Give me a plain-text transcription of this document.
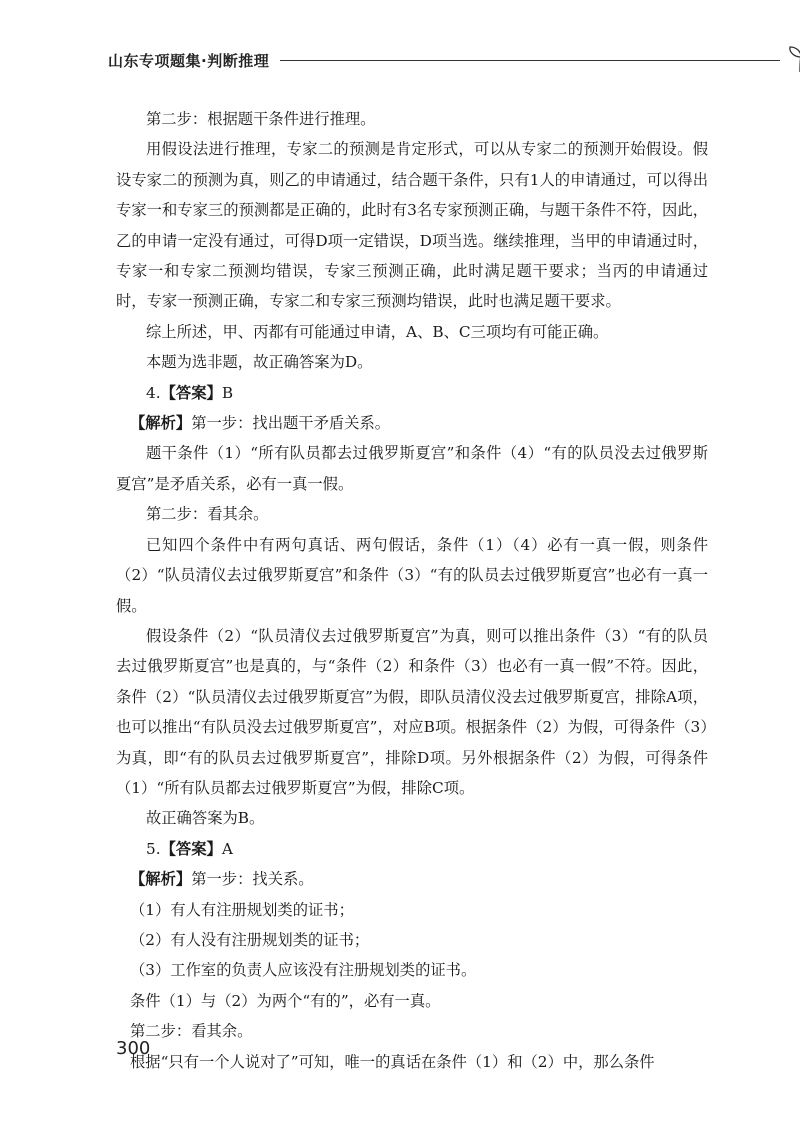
山东专项题集·判断推理

第二步：根据题干条件进行推理。

用假设法进行推理，专家二的预测是肯定形式，可以从专家二的预测开始假设。假设专家二的预测为真，则乙的申请通过，结合题干条件，只有1人的申请通过，可以得出专家一和专家三的预测都是正确的，此时有3名专家预测正确，与题干条件不符，因此，乙的申请一定没有通过，可得D项一定错误，D项当选。继续推理，当甲的申请通过时，专家一和专家二预测均错误，专家三预测正确，此时满足题干要求；当丙的申请通过时，专家一预测正确，专家二和专家三预测均错误，此时也满足题干要求。

综上所述，甲、丙都有可能通过申请，A、B、C三项均有可能正确。

本题为选非题，故正确答案为D。

4.【答案】B

【解析】第一步：找出题干矛盾关系。

题干条件（1）“所有队员都去过俄罗斯夏宫”和条件（4）“有的队员没去过俄罗斯夏宫”是矛盾关系，必有一真一假。

第二步：看其余。

已知四个条件中有两句真话、两句假话，条件（1）（4）必有一真一假，则条件（2）“队员清仪去过俄罗斯夏宫”和条件（3）“有的队员去过俄罗斯夏宫”也必有一真一假。

假设条件（2）“队员清仪去过俄罗斯夏宫”为真，则可以推出条件（3）“有的队员去过俄罗斯夏宫”也是真的，与“条件（2）和条件（3）也必有一真一假”不符。因此，条件（2）“队员清仪去过俄罗斯夏宫”为假，即队员清仪没去过俄罗斯夏宫，排除A项，也可以推出“有队员没去过俄罗斯夏宫”，对应B项。根据条件（2）为假，可得条件（3）为真，即“有的队员去过俄罗斯夏宫”，排除D项。另外根据条件（2）为假，可得条件（1）“所有队员都去过俄罗斯夏宫”为假，排除C项。

故正确答案为B。

5.【答案】A

【解析】第一步：找关系。

（1）有人有注册规划类的证书；

（2）有人没有注册规划类的证书；

（3）工作室的负责人应该没有注册规划类的证书。

条件（1）与（2）为两个“有的”，必有一真。

第二步：看其余。

根据“只有一个人说对了”可知，唯一的真话在条件（1）和（2）中，那么条件

300
